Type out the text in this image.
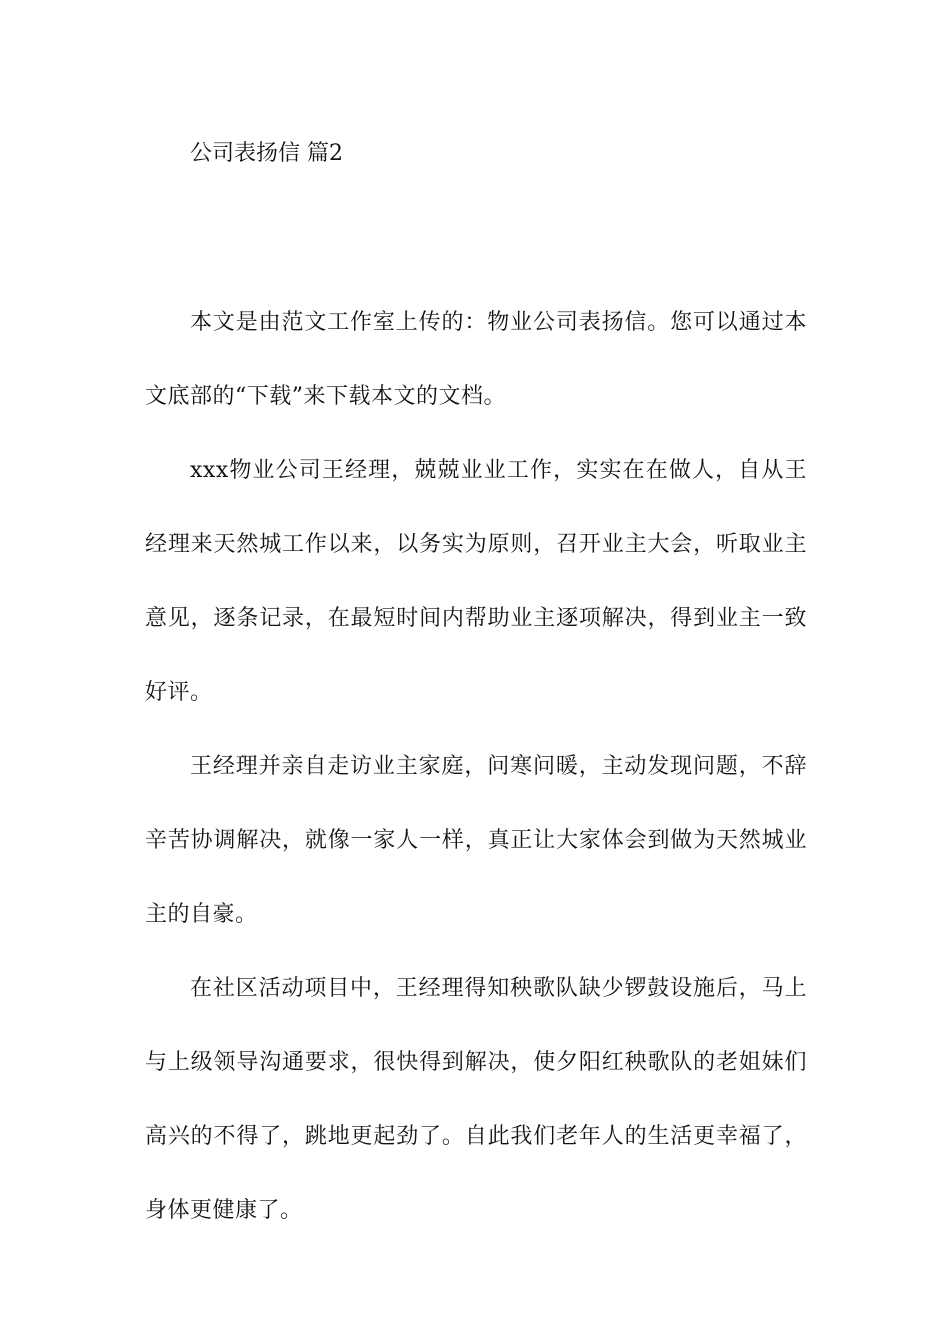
公司表扬信 篇2

本文是由范文工作室上传的：物业公司表扬信。您可以通过本文底部的“下载”来下载本文的文档。

xxx物业公司王经理，兢兢业业工作，实实在在做人，自从王经理来天然城工作以来，以务实为原则，召开业主大会，听取业主意见，逐条记录，在最短时间内帮助业主逐项解决，得到业主一致好评。

王经理并亲自走访业主家庭，问寒问暖，主动发现问题，不辞辛苦协调解决，就像一家人一样，真正让大家体会到做为天然城业主的自豪。

在社区活动项目中，王经理得知秧歌队缺少锣鼓设施后，马上与上级领导沟通要求，很快得到解决，使夕阳红秧歌队的老姐妹们高兴的不得了，跳地更起劲了。自此我们老年人的生活更幸福了，身体更健康了。
